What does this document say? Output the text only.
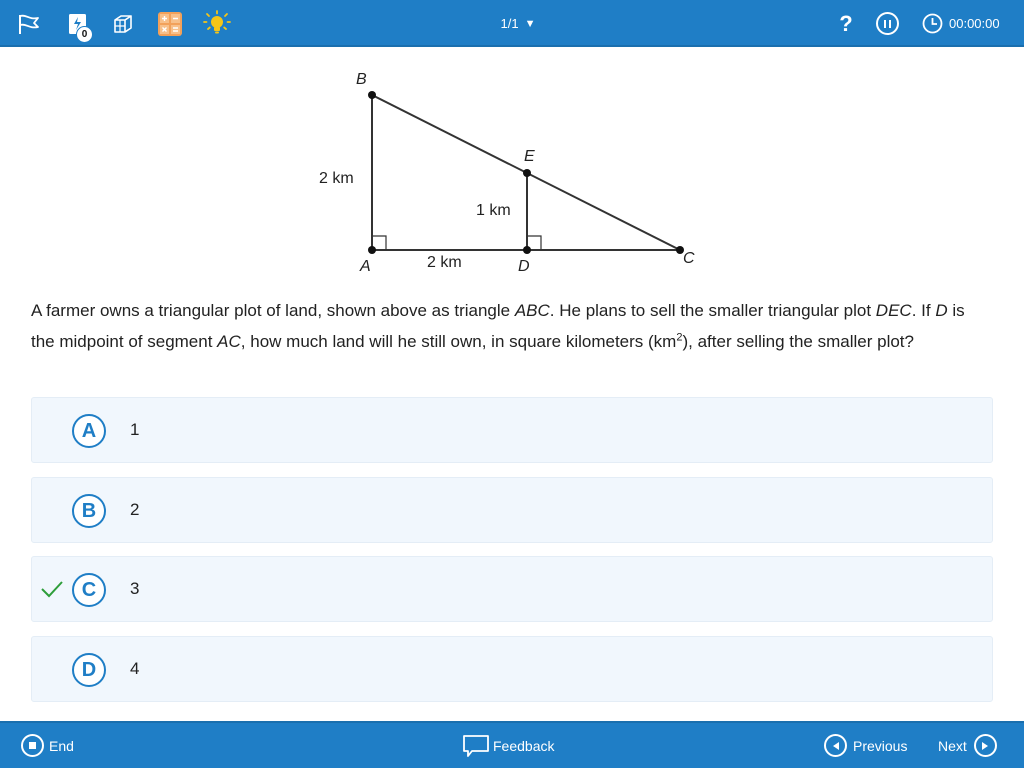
0
1/1 ▼	?	00:00:00
B
E
A	D	C
2 km
1 km
2 km
A farmer owns a triangular plot of land, shown above as triangle ABC. He plans to sell the smaller triangular plot DEC. If D is the midpoint of segment AC, how much land will he still own, in square kilometers $(km^2)$, after selling the smaller plot?
A	1
B	2
C	3
D	4
End	Feedback	Previous Next
